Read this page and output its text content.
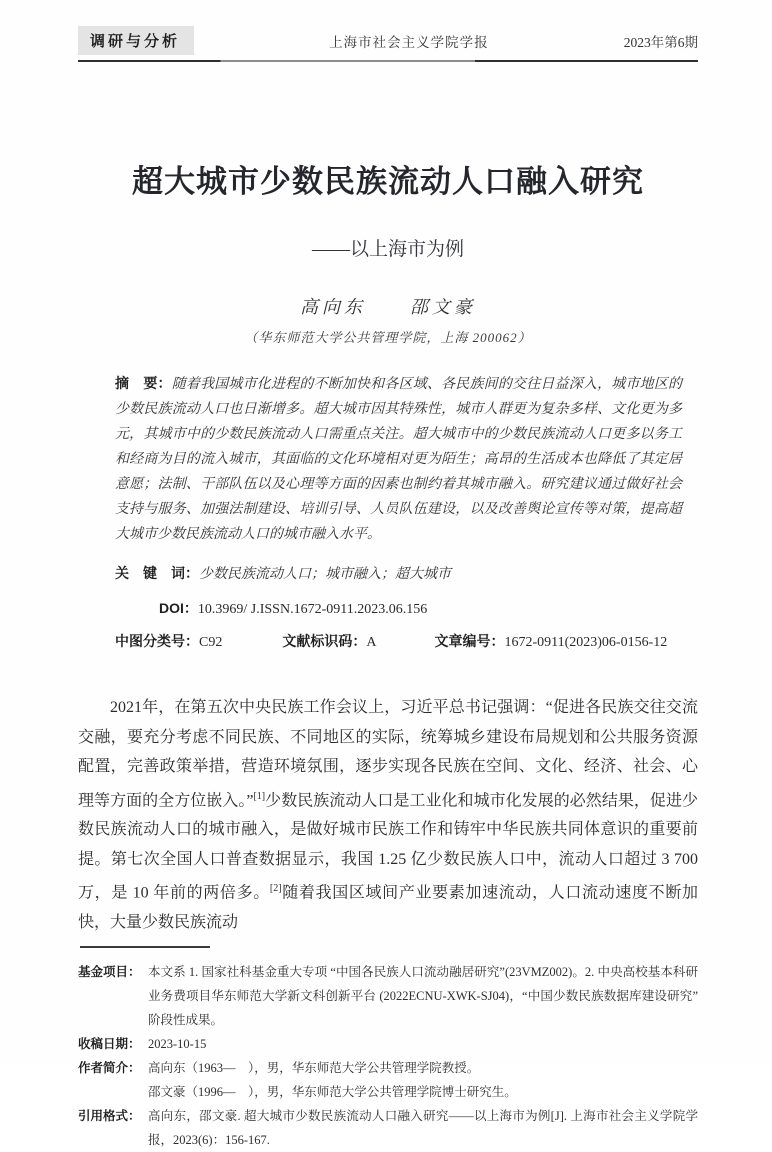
调研与分析	上海市社会主义学院学报	2023年第6期
超大城市少数民族流动人口融入研究
——以上海市为例
高向东　　邵文豪
（华东师范大学公共管理学院，上海 200062）
摘　要：随着我国城市化进程的不断加快和各区域、各民族间的交往日益深入，城市地区的少数民族流动人口也日渐增多。超大城市因其特殊性，城市人群更为复杂多样、文化更为多元，其城市中的少数民族流动人口需重点关注。超大城市中的少数民族流动人口更多以务工和经商为目的流入城市，其面临的文化环境相对更为陌生；高昂的生活成本也降低了其定居意愿；法制、干部队伍以及心理等方面的因素也制约着其城市融入。研究建议通过做好社会支持与服务、加强法制建设、培训引导、人员队伍建设，以及改善舆论宣传等对策，提高超大城市少数民族流动人口的城市融入水平。
关　键　词：少数民族流动人口；城市融入；超大城市
DOI：10.3969/ J.ISSN.1672-0911.2023.06.156
中图分类号：C92	文献标识码：A	文章编号：1672-0911(2023)06-0156-12

2021年，在第五次中央民族工作会议上，习近平总书记强调：“促进各民族交往交流交融，要充分考虑不同民族、不同地区的实际，统筹城乡建设布局规划和公共服务资源配置，完善政策举措，营造环境氛围，逐步实现各民族在空间、文化、经济、社会、心理等方面的全方位嵌入。”[1]少数民族流动人口是工业化和城市化发展的必然结果，促进少数民族流动人口的城市融入，是做好城市民族工作和铸牢中华民族共同体意识的重要前提。第七次全国人口普查数据显示，我国 1.25 亿少数民族人口中，流动人口超过 3 700 万，是 10 年前的两倍多。[2]随着我国区域间产业要素加速流动，人口流动速度不断加快，大量少数民族流动

基金项目： 本文系 1. 国家社科基金重大专项 “中国各民族人口流动融居研究”(23VMZ002)。2. 中央高校基本科研业务费项目华东师范大学新文科创新平台 (2022ECNU-XWK-SJ04)，“中国少数民族数据库建设研究” 阶段性成果。
收稿日期： 2023-10-15
作者简介： 高向东（1963—　），男，华东师范大学公共管理学院教授。
邵文豪（1996—　），男，华东师范大学公共管理学院博士研究生。
引用格式： 高向东，邵文豪. 超大城市少数民族流动人口融入研究——以上海市为例[J]. 上海市社会主义学院学报，2023(6)：156-167.
